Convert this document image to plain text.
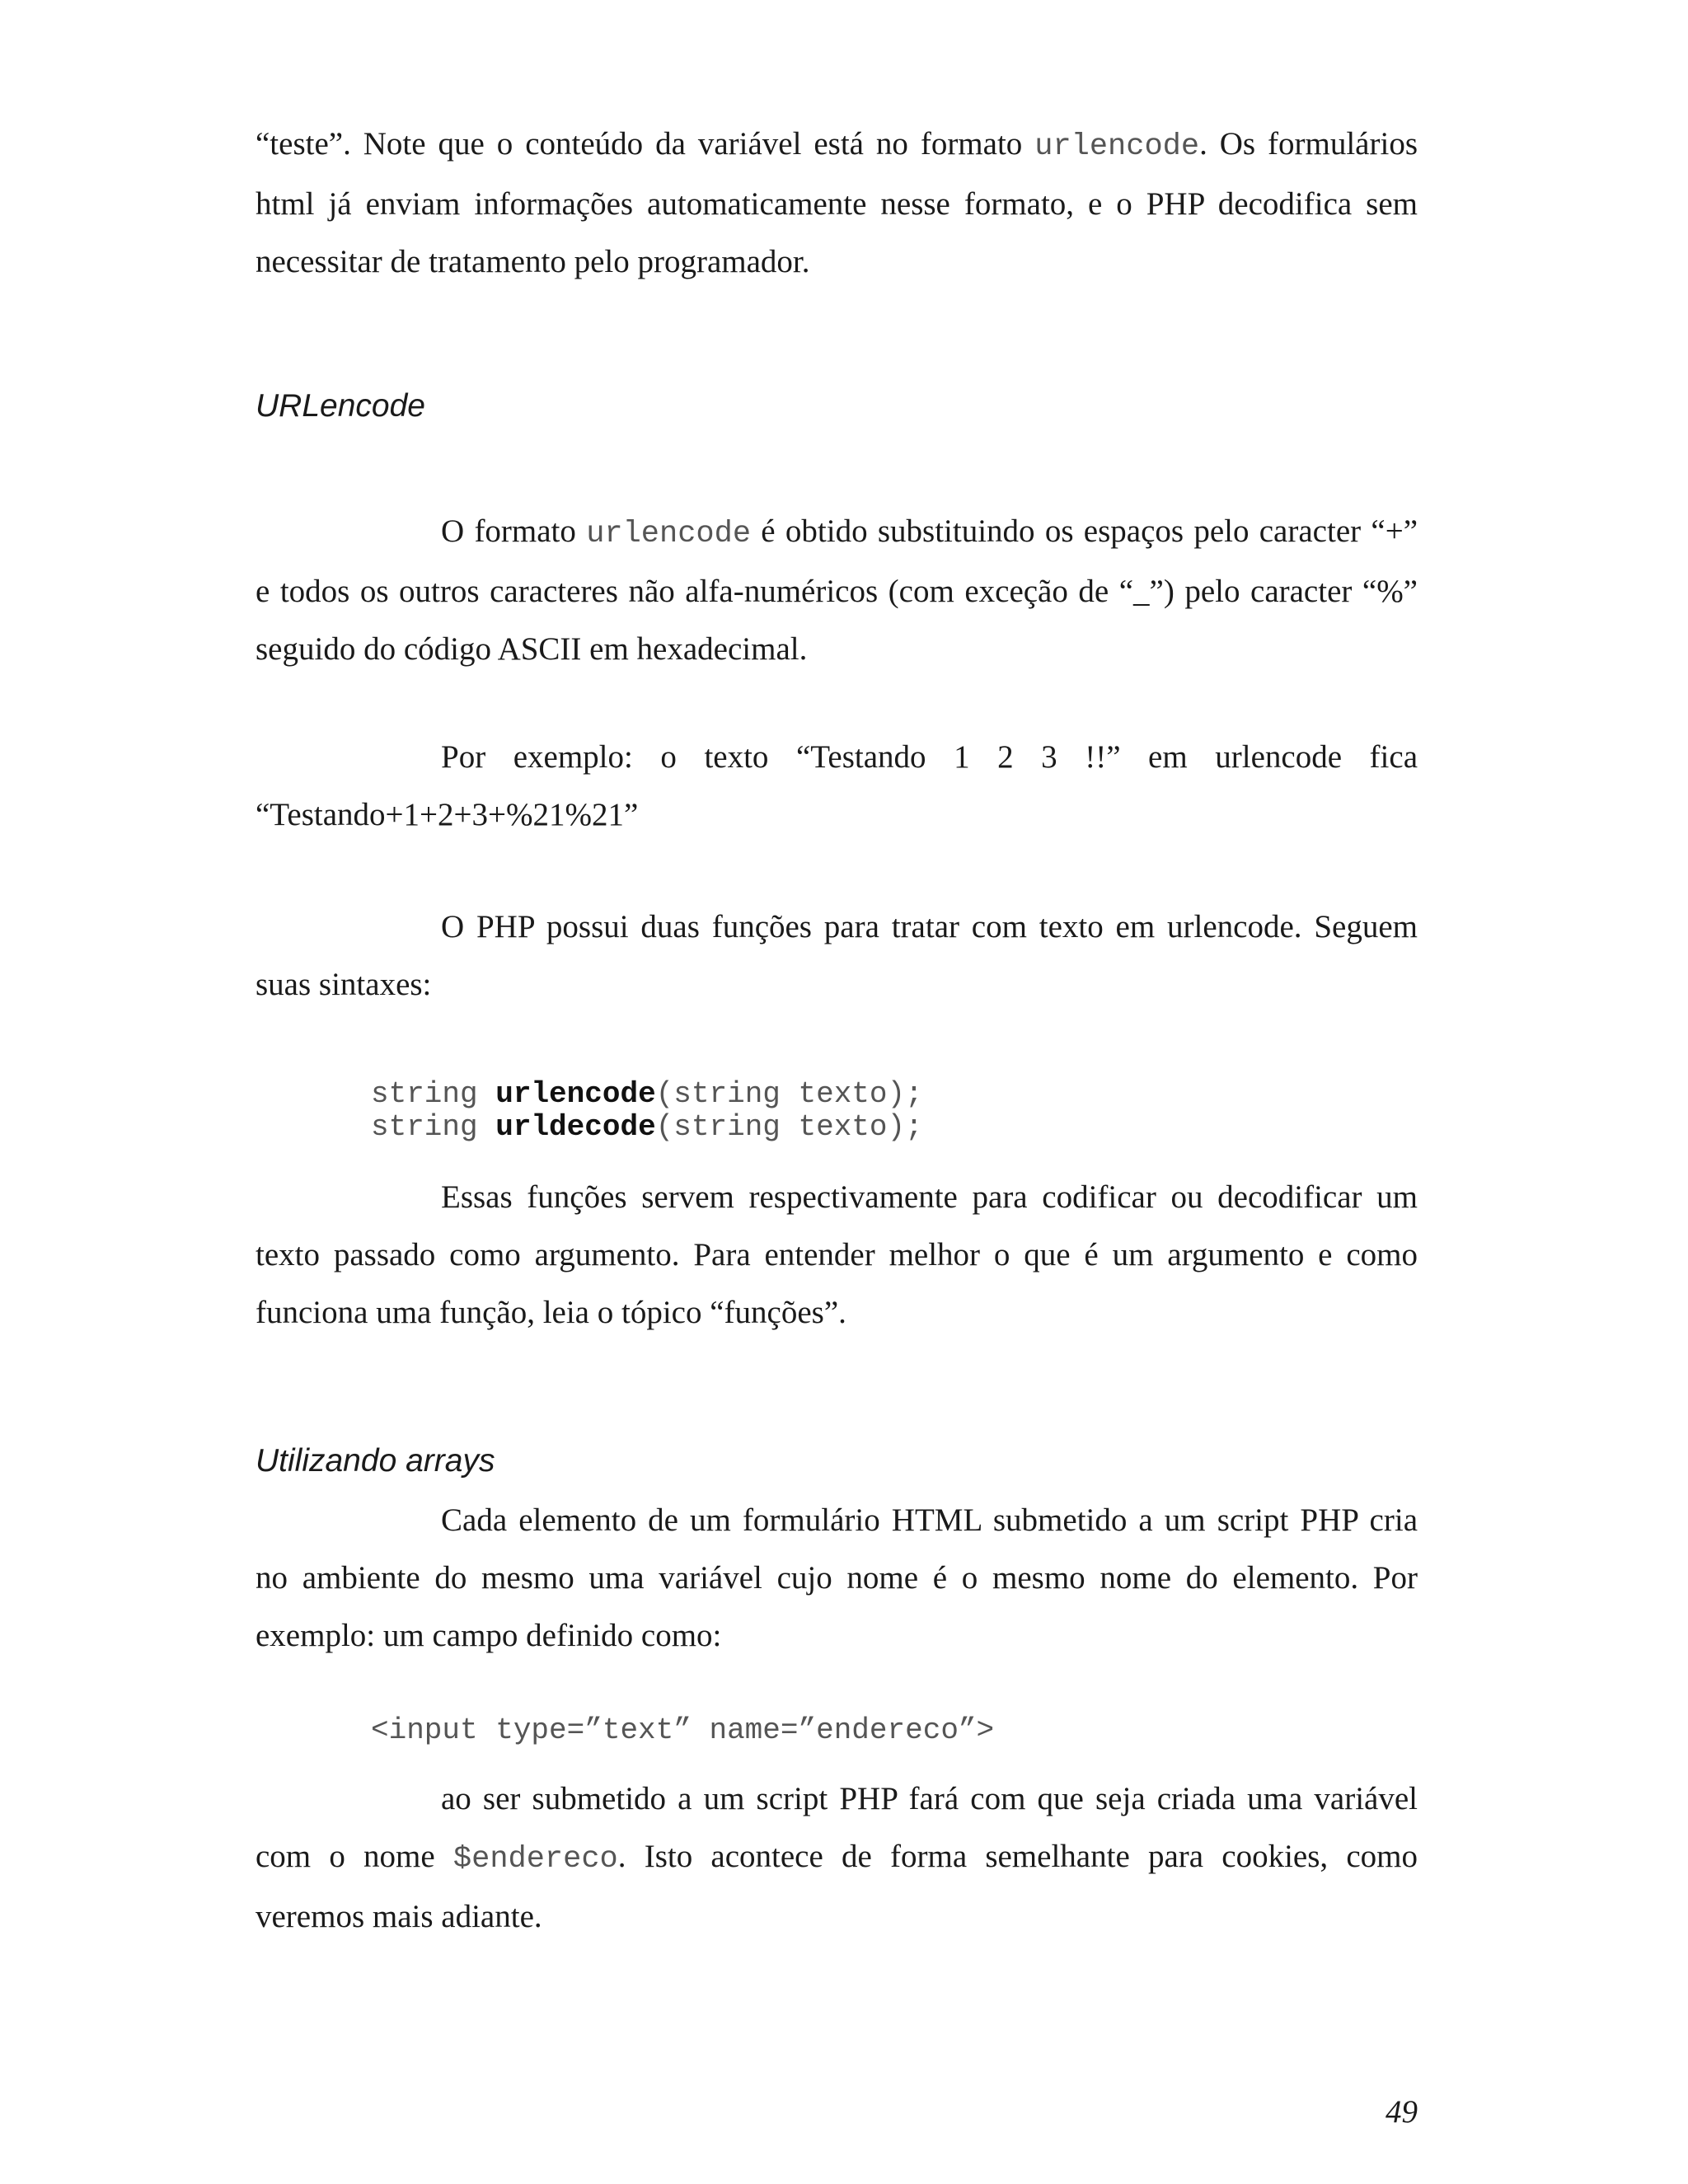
“teste”. Note que o conteúdo da variável está no formato urlencode. Os formulários
html já enviam informações automaticamente nesse formato, e o PHP decodifica sem
necessitar de tratamento pelo programador.
URLencode
O formato urlencode é obtido substituindo os espaços pelo caracter “+”
e todos os outros caracteres não alfa-numéricos (com exceção de “_”) pelo caracter “%”
seguido do código ASCII em hexadecimal.
Por exemplo: o texto “Testando 1 2 3 !!” em urlencode fica
“Testando+1+2+3+%21%21”
O PHP possui duas funções para tratar com texto em urlencode. Seguem
suas sintaxes:
string urlencode(string texto);
string urldecode(string texto);
Essas funções servem respectivamente para codificar ou decodificar um
texto passado como argumento. Para entender melhor o que é um argumento e como
funciona uma função, leia o tópico “funções”.
Utilizando arrays
Cada elemento de um formulário HTML submetido a um script PHP cria
no ambiente do mesmo uma variável cujo nome é o mesmo nome do elemento. Por
exemplo: um campo definido como:
<input type=”text” name=”endereco”>
ao ser submetido a um script PHP fará com que seja criada uma variável
com o nome $endereco. Isto acontece de forma semelhante para cookies, como
veremos mais adiante.
49
